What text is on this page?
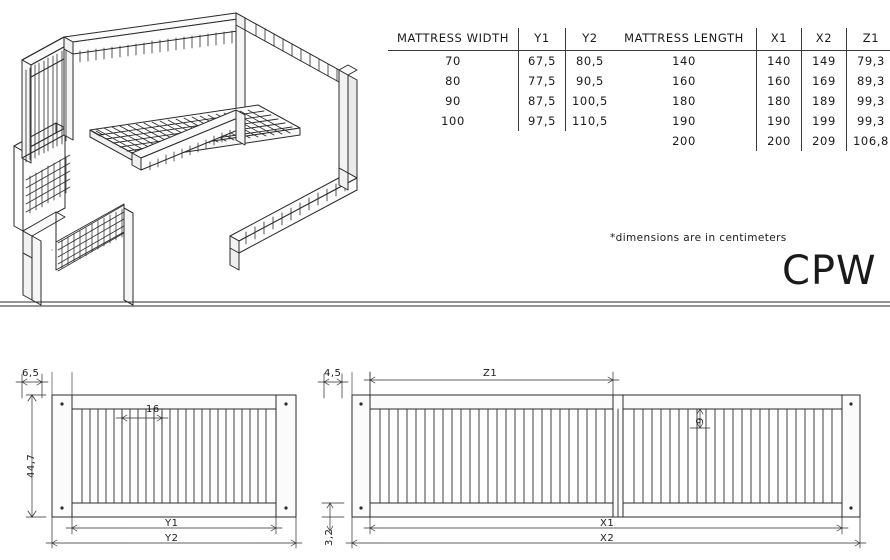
MATTRESS WIDTH	Y1	Y2
70	67,5	80,5
80	77,5	90,5
90	87,5	100,5
100	97,5	110,5
MATTRESS LENGTH	X1	X2	Z1
140	140	149	79,3
160	160	169	89,3
180	180	189	99,3
190	190	199	99,3
200	200	209	106,8
*dimensions are in centimeters
CPW
6,5
16
44,7
Y1
Y2
4,5	Z1
9
3,2
X1
X2
